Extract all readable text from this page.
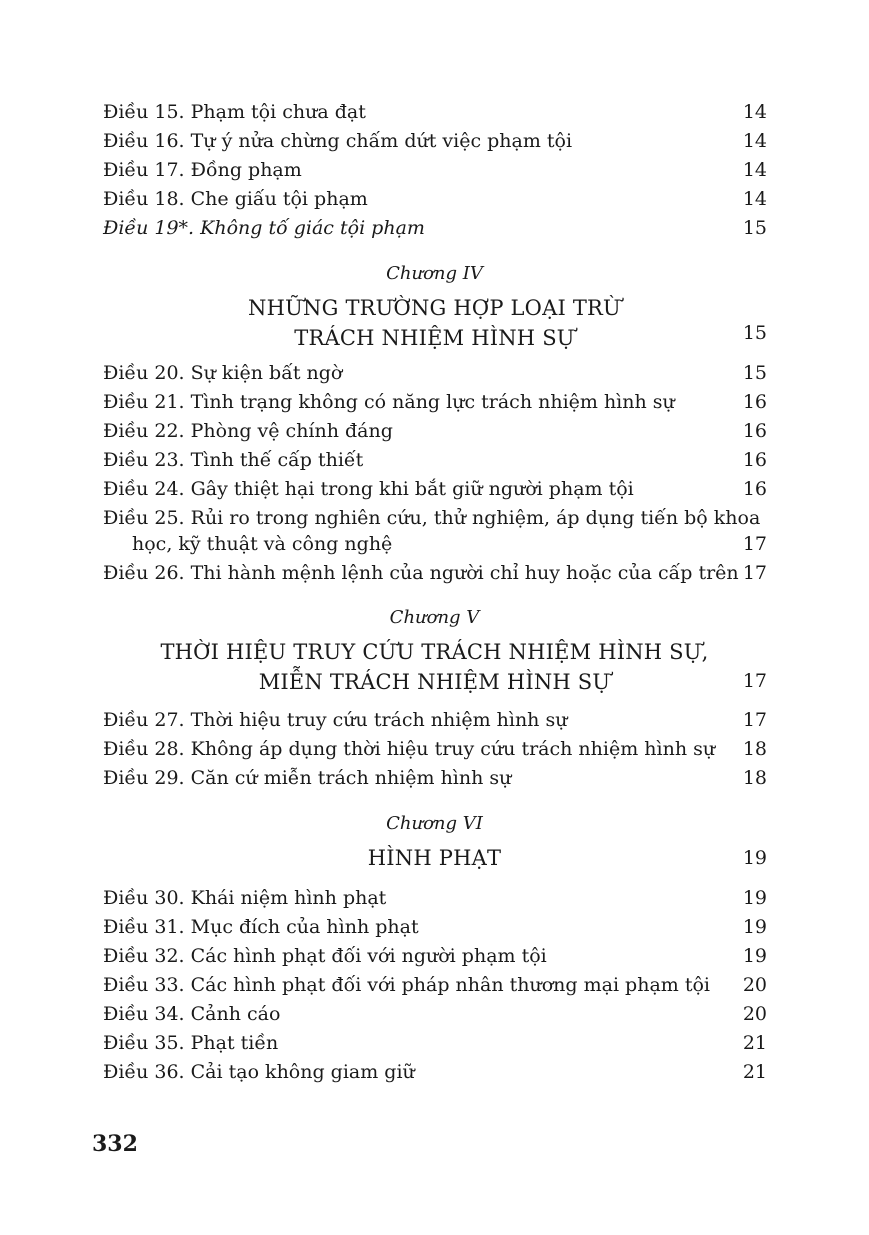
Điều 15. Phạm tội chưa đạt	14
Điều 16. Tự ý nửa chừng chấm dứt việc phạm tội	14
Điều 17. Đồng phạm	14
Điều 18. Che giấu tội phạm	14
Điều 19*. Không tố giác tội phạm	15
Chương IV
NHỮNG TRƯỜNG HỢP LOẠI TRỪ
TRÁCH NHIỆM HÌNH SỰ	15
Điều 20. Sự kiện bất ngờ	15
Điều 21. Tình trạng không có năng lực trách nhiệm hình sự	16
Điều 22. Phòng vệ chính đáng	16
Điều 23. Tình thế cấp thiết	16
Điều 24. Gây thiệt hại trong khi bắt giữ người phạm tội	16
Điều 25. Rủi ro trong nghiên cứu, thử nghiệm, áp dụng tiến bộ khoa
học, kỹ thuật và công nghệ	17
Điều 26. Thi hành mệnh lệnh của người chỉ huy hoặc của cấp trên 17
Chương V
THỜI HIỆU TRUY CỨU TRÁCH NHIỆM HÌNH SỰ,
MIỄN TRÁCH NHIỆM HÌNH SỰ	17
Điều 27. Thời hiệu truy cứu trách nhiệm hình sự	17
Điều 28. Không áp dụng thời hiệu truy cứu trách nhiệm hình sự 18
Điều 29. Căn cứ miễn trách nhiệm hình sự	18
Chương VI
HÌNH PHẠT	19
Điều 30. Khái niệm hình phạt	19
Điều 31. Mục đích của hình phạt	19
Điều 32. Các hình phạt đối với người phạm tội	19
Điều 33. Các hình phạt đối với pháp nhân thương mại phạm tội 20
Điều 34. Cảnh cáo	20
Điều 35. Phạt tiền	21
Điều 36. Cải tạo không giam giữ	21
332
